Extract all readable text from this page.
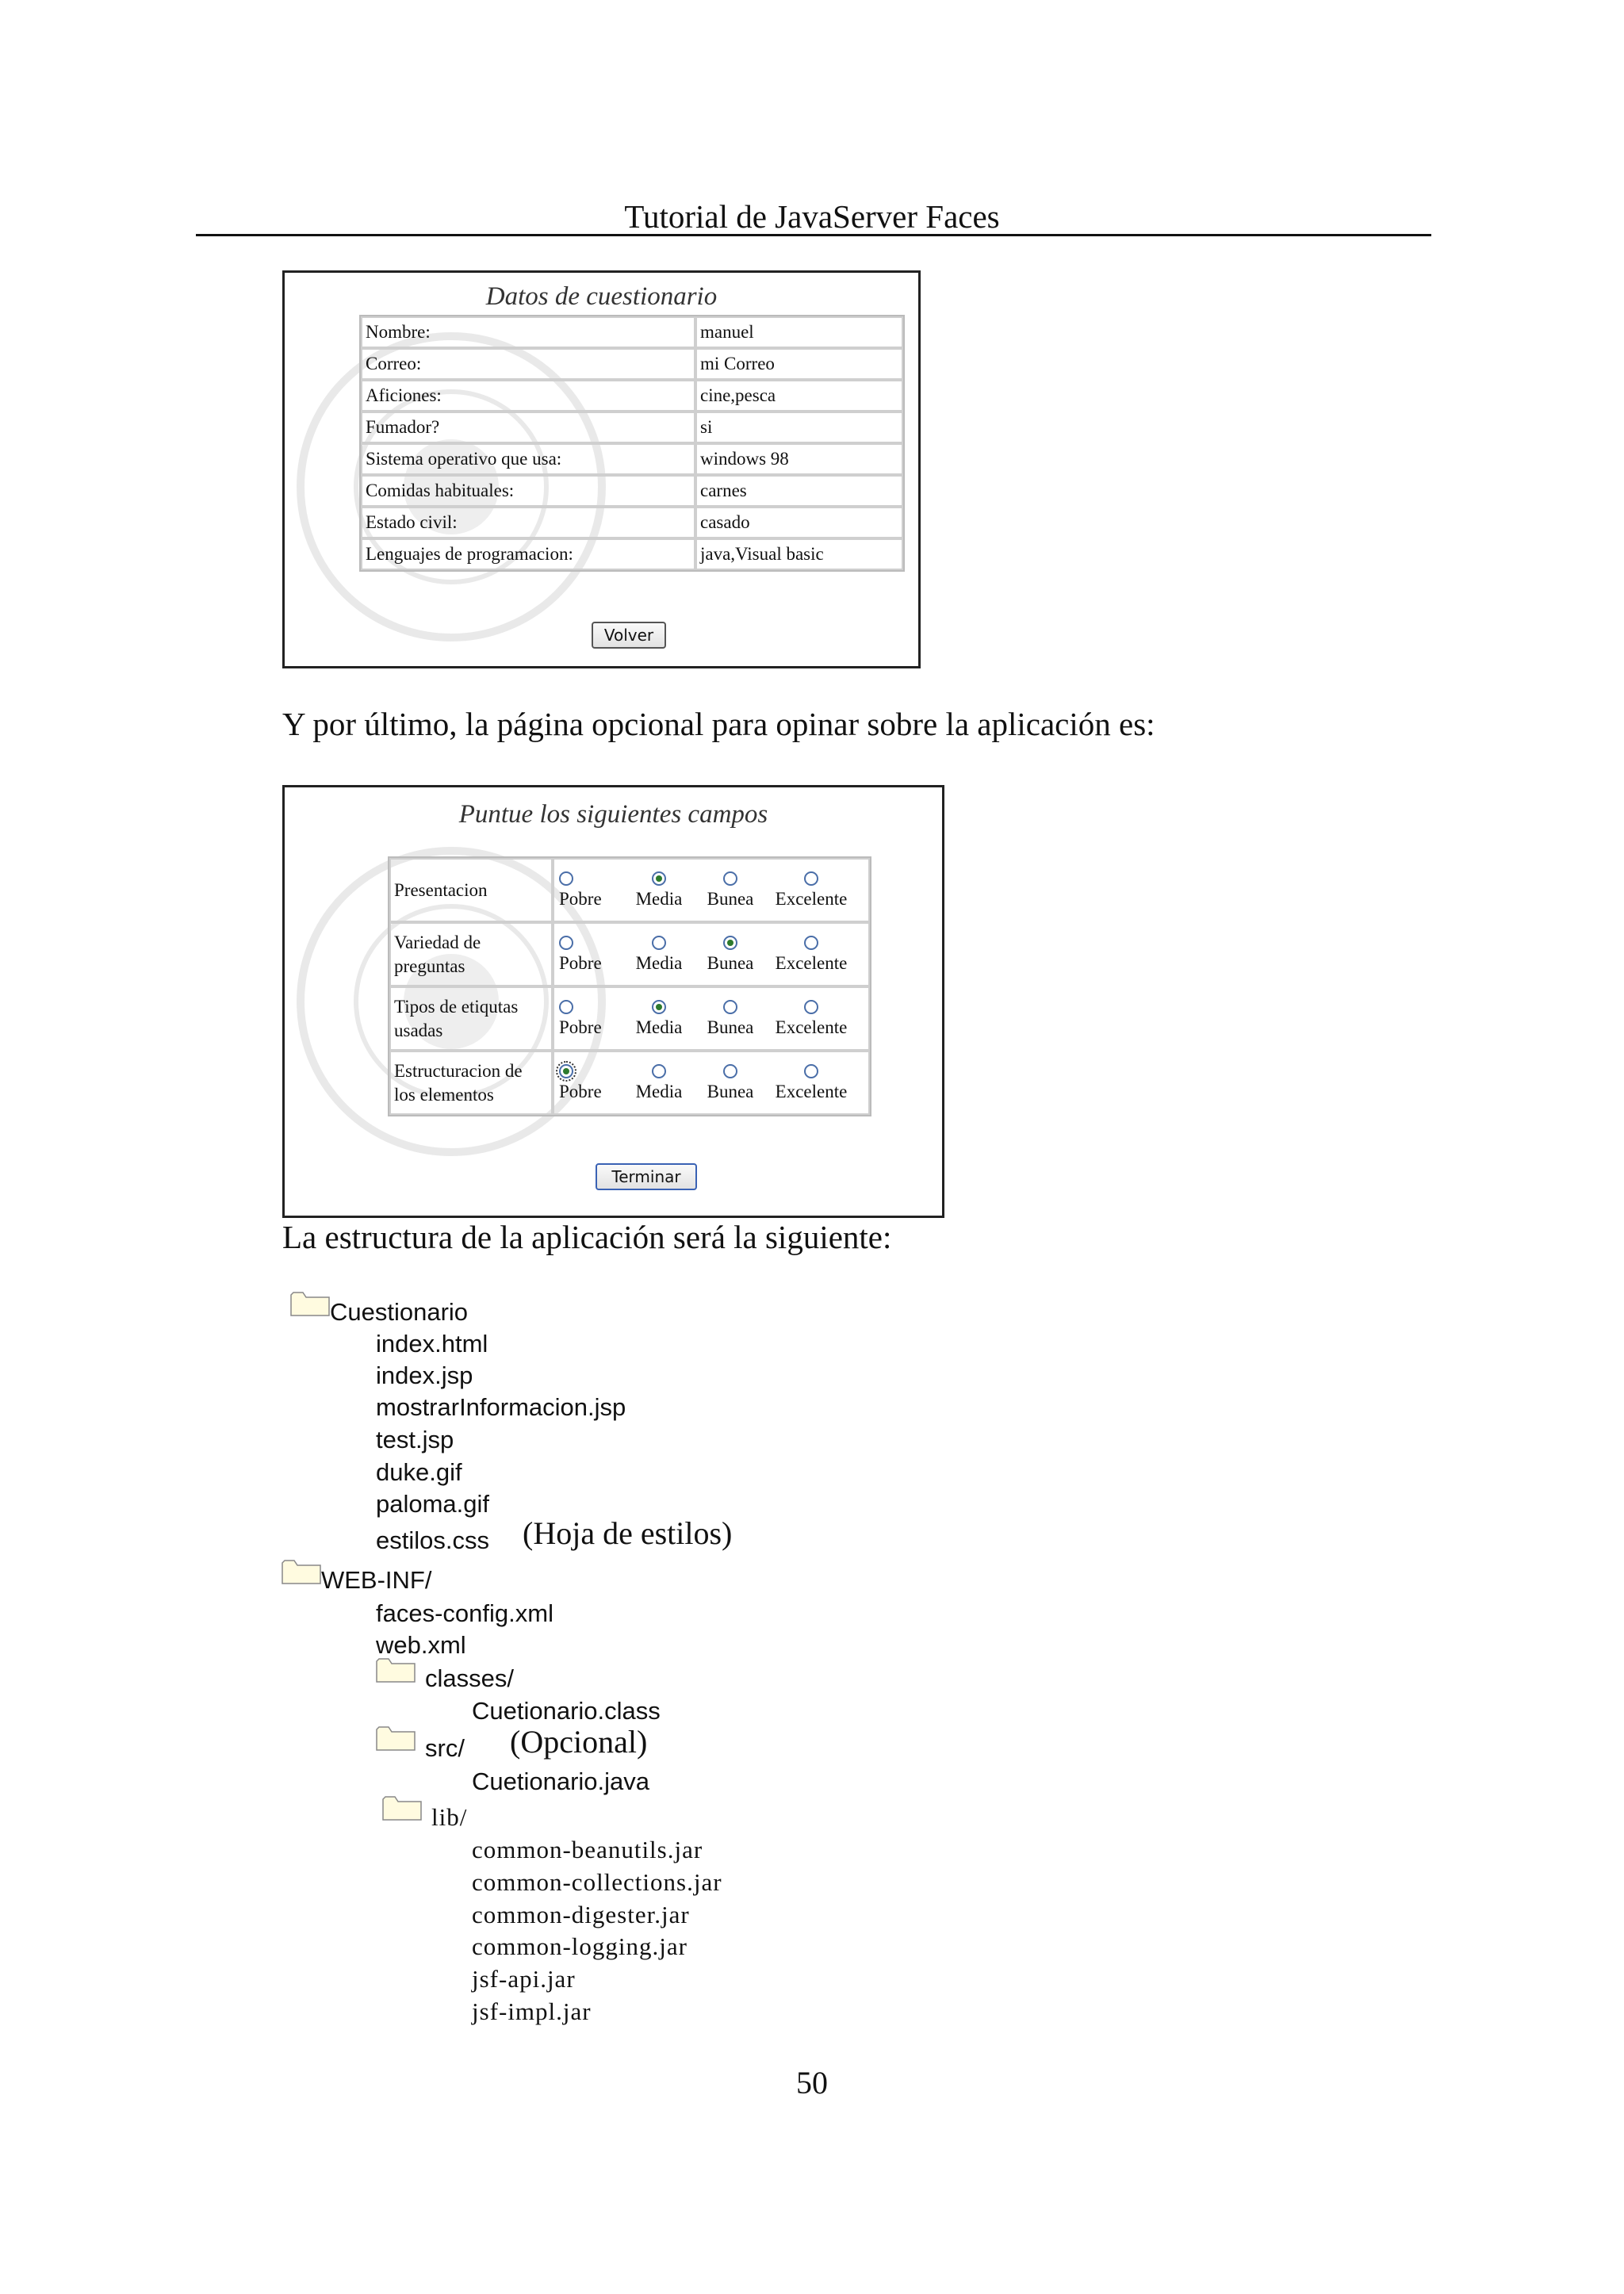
Tutorial de JavaServer Faces
Datos de cuestionario
Nombre:	manuel
Correo:	mi Correo
Aficiones:	cine,pesca
Fumador?	si
Sistema operativo que usa:	windows 98
Comidas habituales:	carnes
Estado civil:	casado
Lenguajes de programacion:	java,Visual basic
Volver
Y por último, la página opcional para opinar sobre la aplicación es:
Puntue los siguientes campos
Presentacion	Pobre Media Bunea Excelente

Variedad de preguntas	Pobre Media Bunea Excelente

Tipos de etiqutas usadas	Pobre Media Bunea Excelente

Estructuracion de los elementos	Pobre Media Bunea Excelente
Terminar
La estructura de la aplicación será la siguiente:
Cuestionario
index.html
index.jsp
mostrarInformacion.jsp
test.jsp
duke.gif
paloma.gif
estilos.css (Hoja de estilos)
WEB-INF/
faces-config.xml
web.xml
classes/
Cuetionario.class
src/ (Opcional)
Cuetionario.java
lib/
common-beanutils.jar
common-collections.jar
common-digester.jar
common-logging.jar
jsf-api.jar
jsf-impl.jar
50
